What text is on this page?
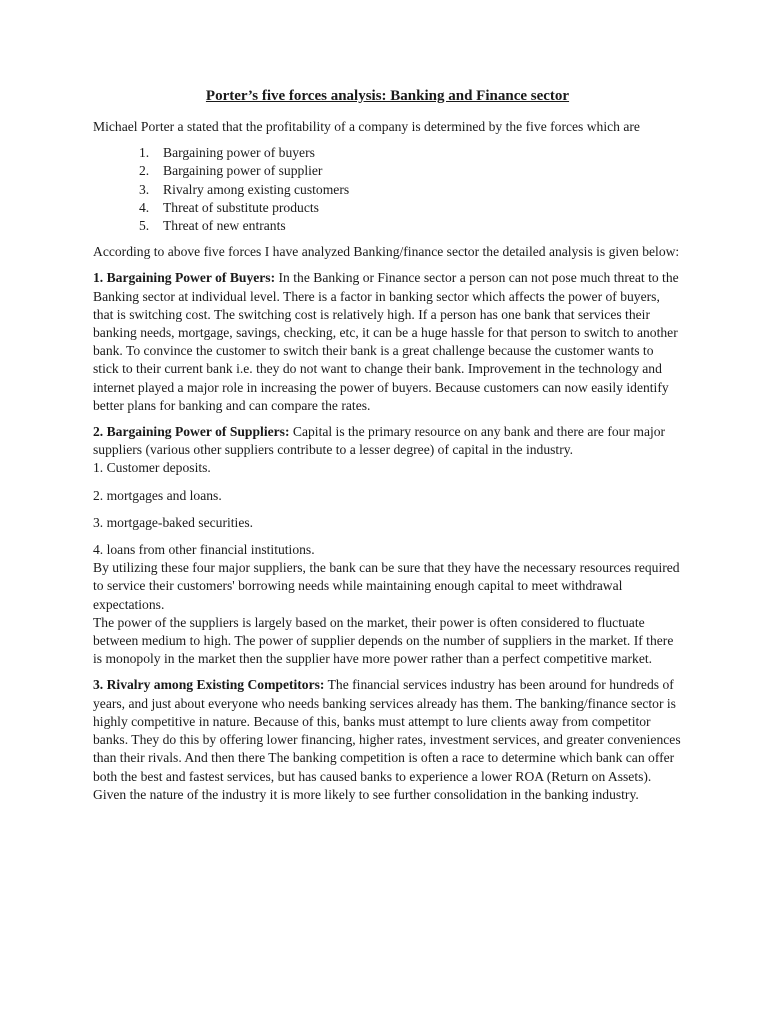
Porter’s five forces analysis: Banking and Finance sector

Michael Porter a stated that the profitability of a company is determined by the five forces which are

1.	Bargaining power of buyers
2.	Bargaining power of supplier
3.	Rivalry among existing customers
4.	Threat of substitute products
5.	Threat of new entrants

According to above five forces I have analyzed Banking/finance sector the detailed analysis is given below:

1. Bargaining Power of Buyers: In the Banking or Finance sector a person can not pose much threat to the Banking sector at individual level. There is a factor in banking sector which affects the power of buyers, that is switching cost. The switching cost is relatively high. If a person has one bank that services their banking needs, mortgage, savings, checking, etc, it can be a huge hassle for that person to switch to another bank. To convince the customer to switch their bank is a great challenge because the customer wants to stick to their current bank i.e. they do not want to change their bank. Improvement in the technology and internet played a major role in increasing the power of buyers. Because customers can now easily identify better plans for banking and can compare the rates.

2. Bargaining Power of Suppliers: Capital is the primary resource on any bank and there are four major suppliers (various other suppliers contribute to a lesser degree) of capital in the industry.

1. Customer deposits.

2. mortgages and loans.

3. mortgage-baked securities.

4. loans from other financial institutions.

By utilizing these four major suppliers, the bank can be sure that they have the necessary resources required to service their customers' borrowing needs while maintaining enough capital to meet withdrawal expectations.

The power of the suppliers is largely based on the market, their power is often considered to fluctuate between medium to high. The power of supplier depends on the number of suppliers in the market. If there is monopoly in the market then the supplier have more power rather than a perfect competitive market.

3. Rivalry among Existing Competitors: The financial services industry has been around for hundreds of years, and just about everyone who needs banking services already has them. The banking/finance sector is highly competitive in nature. Because of this, banks must attempt to lure clients away from competitor banks. They do this by offering lower financing, higher rates, investment services, and greater conveniences than their rivals. And then there The banking competition is often a race to determine which bank can offer both the best and fastest services, but has caused banks to experience a lower ROA (Return on Assets). Given the nature of the industry it is more likely to see further consolidation in the banking industry.
